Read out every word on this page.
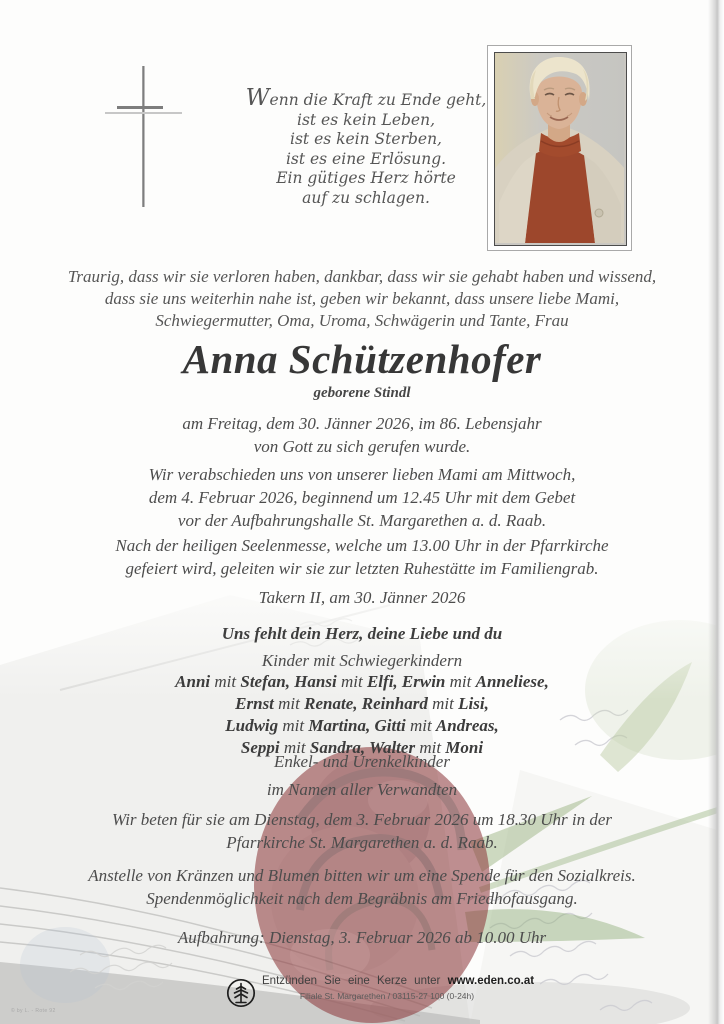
Wenn die Kraft zu Ende geht,
ist es kein Leben,
ist es kein Sterben,
ist es eine Erlösung.
Ein gütiges Herz hörte
auf zu schlagen.
Traurig, dass wir sie verloren haben, dankbar, dass wir sie gehabt haben und wissend,
dass sie uns weiterhin nahe ist, geben wir bekannt, dass unsere liebe Mami,
Schwiegermutter, Oma, Uroma, Schwägerin und Tante, Frau
Anna Schützenhofer
geborene Stindl
am Freitag, dem 30. Jänner 2026, im 86. Lebensjahr
von Gott zu sich gerufen wurde.
Wir verabschieden uns von unserer lieben Mami am Mittwoch,
dem 4. Februar 2026, beginnend um 12.45 Uhr mit dem Gebet
vor der Aufbahrungshalle St. Margarethen a. d. Raab.
Nach der heiligen Seelenmesse, welche um 13.00 Uhr in der Pfarrkirche
gefeiert wird, geleiten wir sie zur letzten Ruhestätte im Familiengrab.
Takern II, am 30. Jänner 2026
Uns fehlt dein Herz, deine Liebe und du
Kinder mit Schwiegerkindern
Anni mit Stefan, Hansi mit Elfi, Erwin mit Anneliese,
Ernst mit Renate, Reinhard mit Lisi,
Ludwig mit Martina, Gitti mit Andreas,
Seppi mit Sandra, Walter mit Moni
Enkel- und Urenkelkinder
im Namen aller Verwandten
Wir beten für sie am Dienstag, dem 3. Februar 2026 um 18.30 Uhr in der
Pfarrkirche St. Margarethen a. d. Raab.
Anstelle von Kränzen und Blumen bitten wir um eine Spende für den Sozialkreis.
Spendenmöglichkeit nach dem Begräbnis am Friedhofausgang.
Aufbahrung: Dienstag, 3. Februar 2026 ab 10.00 Uhr
Entzünden Sie eine Kerze unter www.eden.co.at
Filiale St. Margarethen / 03115-27 100 (0-24h)
© by L. - Rote 92
